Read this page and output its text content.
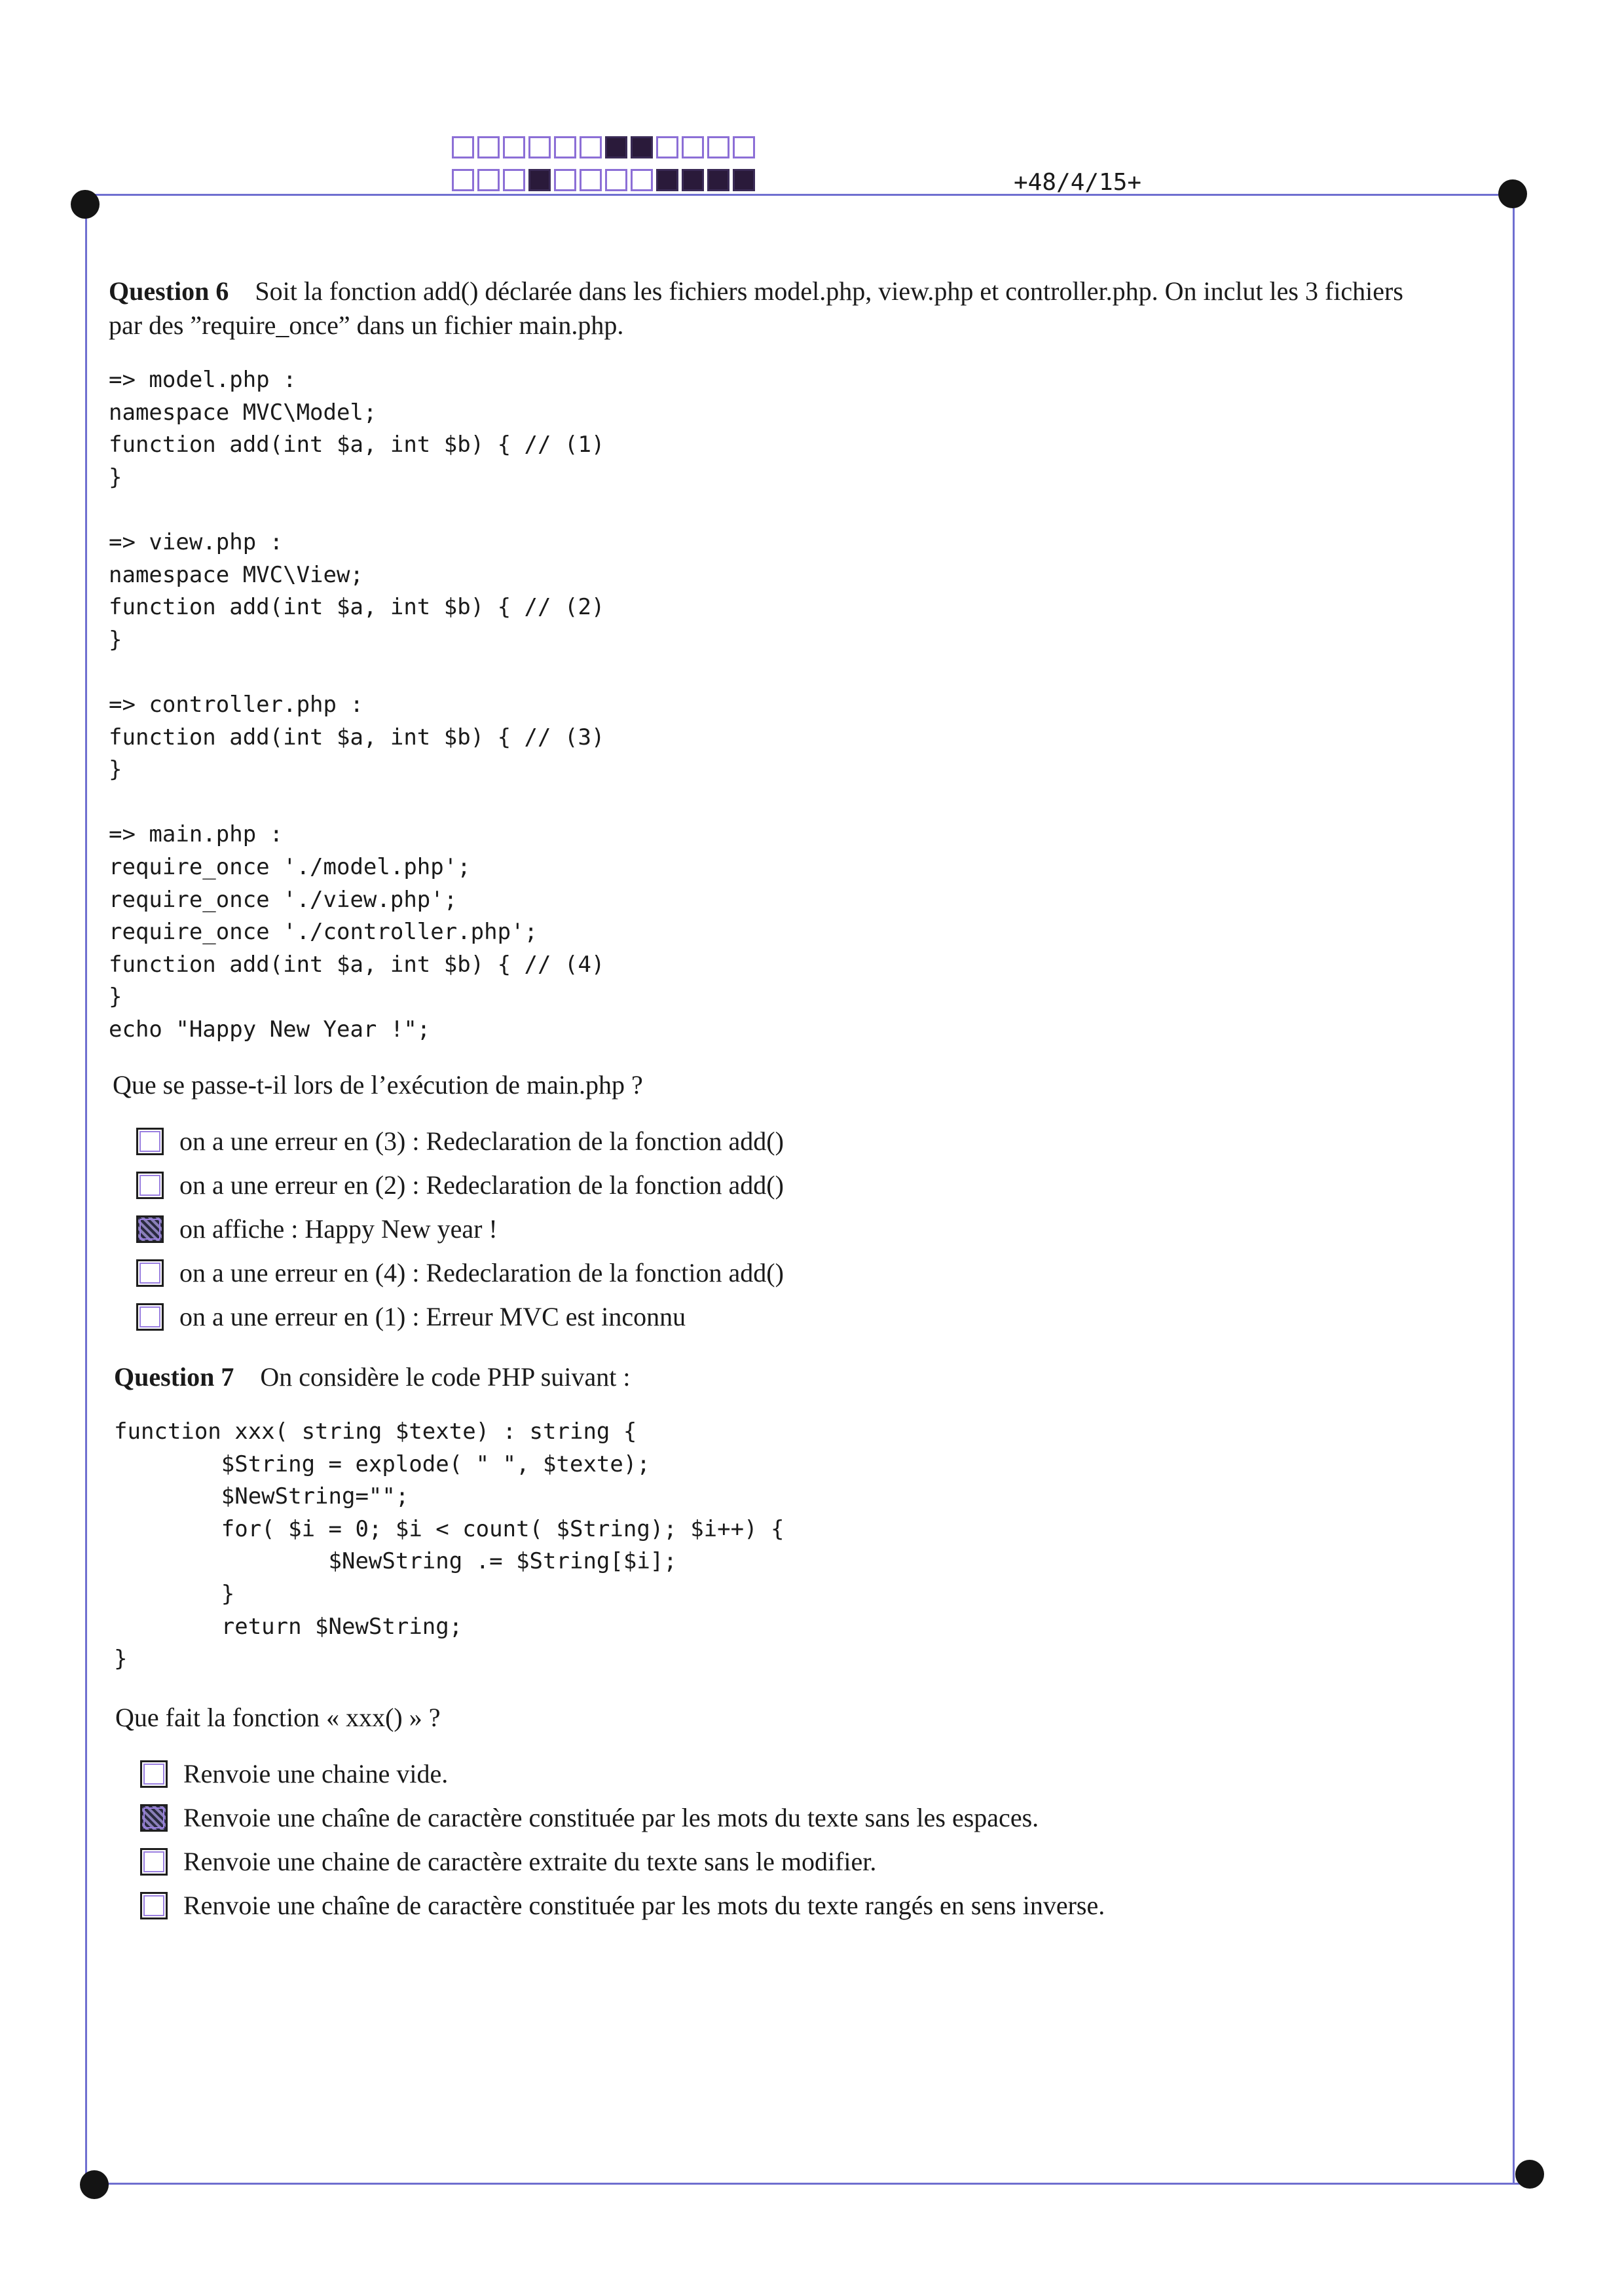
+48/4/15+
Question 6 Soit la fonction add() déclarée dans les fichiers model.php, view.php et controller.php. On inclut les 3 fichiers
par des ”require_once” dans un fichier main.php.
=> model.php :
namespace MVC\Model;
function add(int $a, int $b) { // (1)
}

=> view.php :
namespace MVC\View;
function add(int $a, int $b) { // (2)
}

=> controller.php :
function add(int $a, int $b) { // (3)
}

=> main.php :
require_once './model.php';
require_once './view.php';
require_once './controller.php';
function add(int $a, int $b) { // (4)
}
echo "Happy New Year !";
Que se passe-t-il lors de l’exécution de main.php ?
on a une erreur en (3) : Redeclaration de la fonction add()
on a une erreur en (2) : Redeclaration de la fonction add()
on affiche : Happy New year !
on a une erreur en (4) : Redeclaration de la fonction add()
on a une erreur en (1) : Erreur MVC est inconnu
Question 7 On considère le code PHP suivant :
function xxx( string $texte) : string {
$String = explode( " ", $texte);
$NewString="";
for( $i = 0; $i < count( $String); $i++) {
$NewString .= $String[$i];
}
return $NewString;
}
Que fait la fonction « xxx() » ?
Renvoie une chaine vide.
Renvoie une chaîne de caractère constituée par les mots du texte sans les espaces.
Renvoie une chaine de caractère extraite du texte sans le modifier.
Renvoie une chaîne de caractère constituée par les mots du texte rangés en sens inverse.
